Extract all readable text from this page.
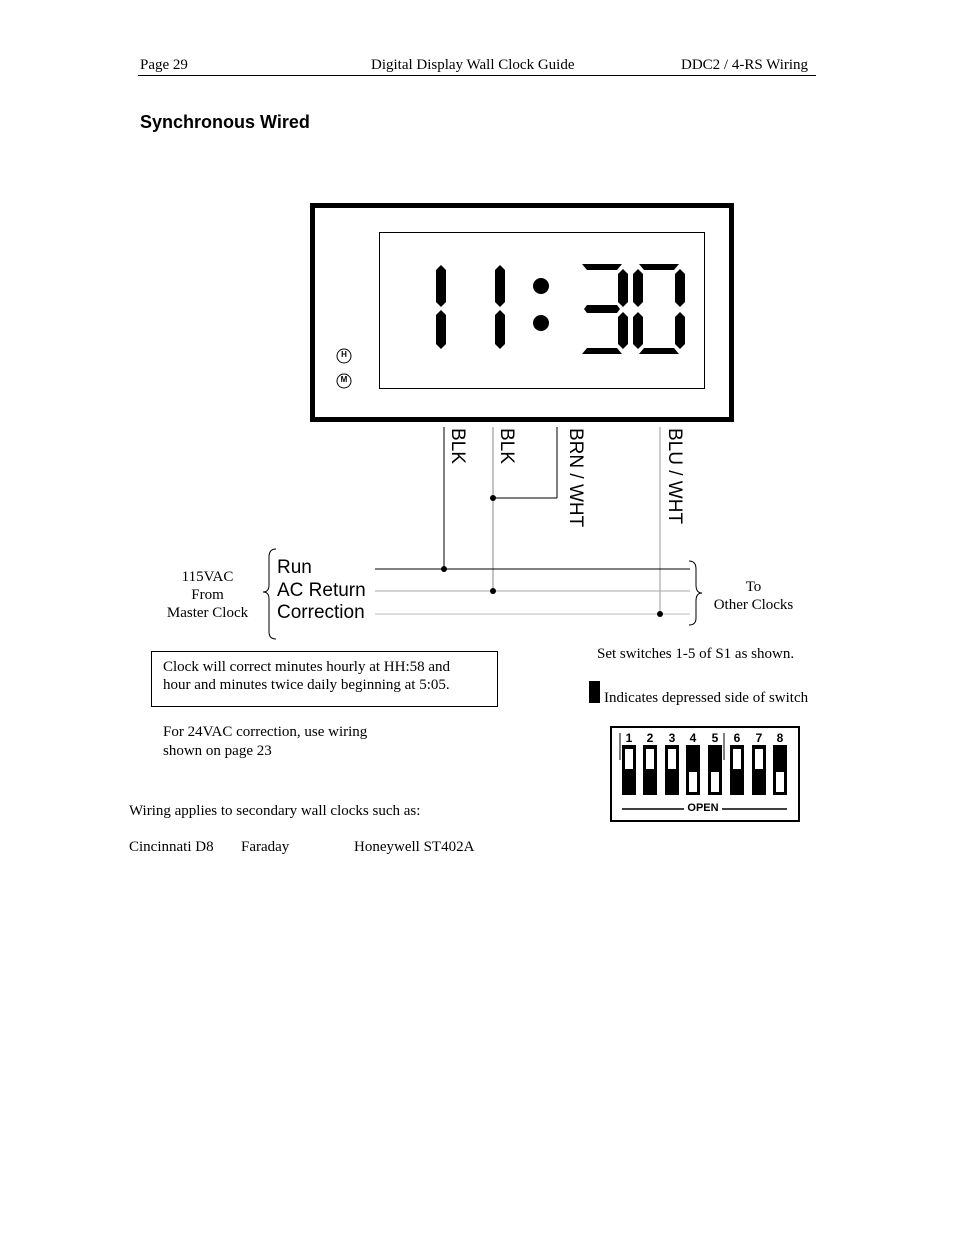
Page 29	Digital Display Wall Clock Guide	DDC2 / 4-RS Wiring
Synchronous Wired
H
M
BLK BLK	BRN / WHT	BLU / WHT
115VAC
From
Master Clock
Run
AC Return
Correction
To
Other Clocks
Clock will correct minutes hourly at HH:58 and
hour and minutes twice daily beginning at 5:05.
For 24VAC correction, use wiring
shown on page 23
Set switches 1-5 of S1 as shown.
Indicates depressed side of switch
1	2	3	4	5	6	7	8
OPEN
Wiring applies to secondary wall clocks such as:
Cincinnati D8 Faraday	Honeywell ST402A
